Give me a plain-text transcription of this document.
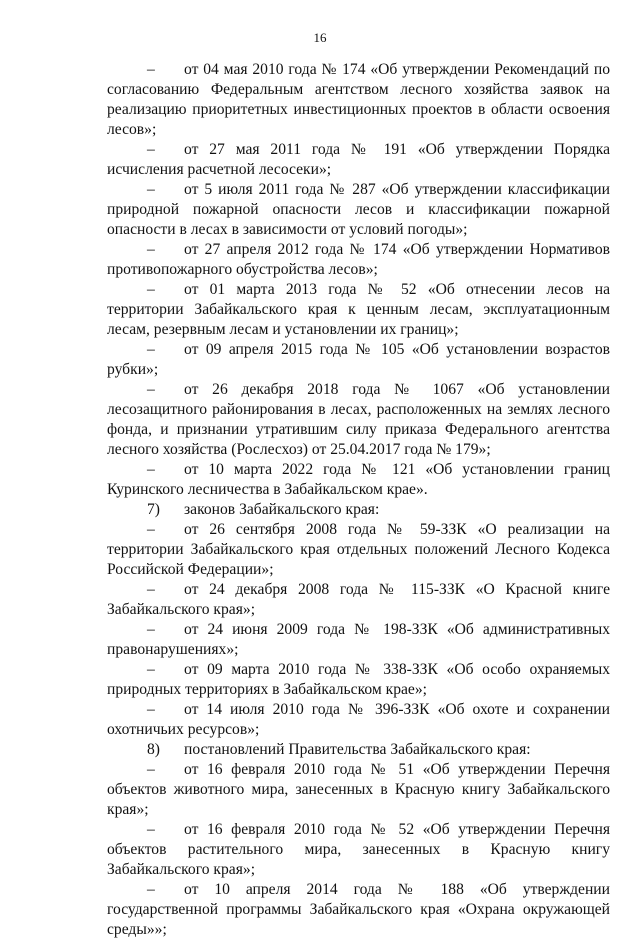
16

– от 04 мая 2010 года № 174 «Об утверждении Рекомендаций по согласованию Федеральным агентством лесного хозяйства заявок на реализацию приоритетных инвестиционных проектов в области освоения лесов»;

– от 27 мая 2011 года № 191 «Об утверждении Порядка исчисления расчетной лесосеки»;

– от 5 июля 2011 года № 287 «Об утверждении классификации природной пожарной опасности лесов и классификации пожарной опасности в лесах в зависимости от условий погоды»;

– от 27 апреля 2012 года № 174 «Об утверждении Нормативов противопожарного обустройства лесов»;

– от 01 марта 2013 года № 52 «Об отнесении лесов на территории Забайкальского края к ценным лесам, эксплуатационным лесам, резервным лесам и установлении их границ»;

– от 09 апреля 2015 года № 105 «Об установлении возрастов рубки»;

– от 26 декабря 2018 года № 1067 «Об установлении лесозащитного районирования в лесах, расположенных на землях лесного фонда, и признании утратившим силу приказа Федерального агентства лесного хозяйства (Рослесхоз) от 25.04.2017 года № 179»;

– от 10 марта 2022 года № 121 «Об установлении границ Куринского лесничества в Забайкальском крае».

7) законов Забайкальского края:

– от 26 сентября 2008 года № 59-ЗЗК «О реализации на территории Забайкальского края отдельных положений Лесного Кодекса Российской Федерации»;

– от 24 декабря 2008 года № 115-ЗЗК «О Красной книге Забайкальского края»;

– от 24 июня 2009 года № 198-ЗЗК «Об административных правонарушениях»;

– от 09 марта 2010 года № 338-ЗЗК «Об особо охраняемых природных территориях в Забайкальском крае»;

– от 14 июля 2010 года № 396-ЗЗК «Об охоте и сохранении охотничьих ресурсов»;

8) постановлений Правительства Забайкальского края:

– от 16 февраля 2010 года № 51 «Об утверждении Перечня объектов животного мира, занесенных в Красную книгу Забайкальского края»;

– от 16 февраля 2010 года № 52 «Об утверждении Перечня объектов растительного мира, занесенных в Красную книгу Забайкальского края»;

– от 10 апреля 2014 года № 188 «Об утверждении государственной программы Забайкальского края «Охрана окружающей среды»»;
